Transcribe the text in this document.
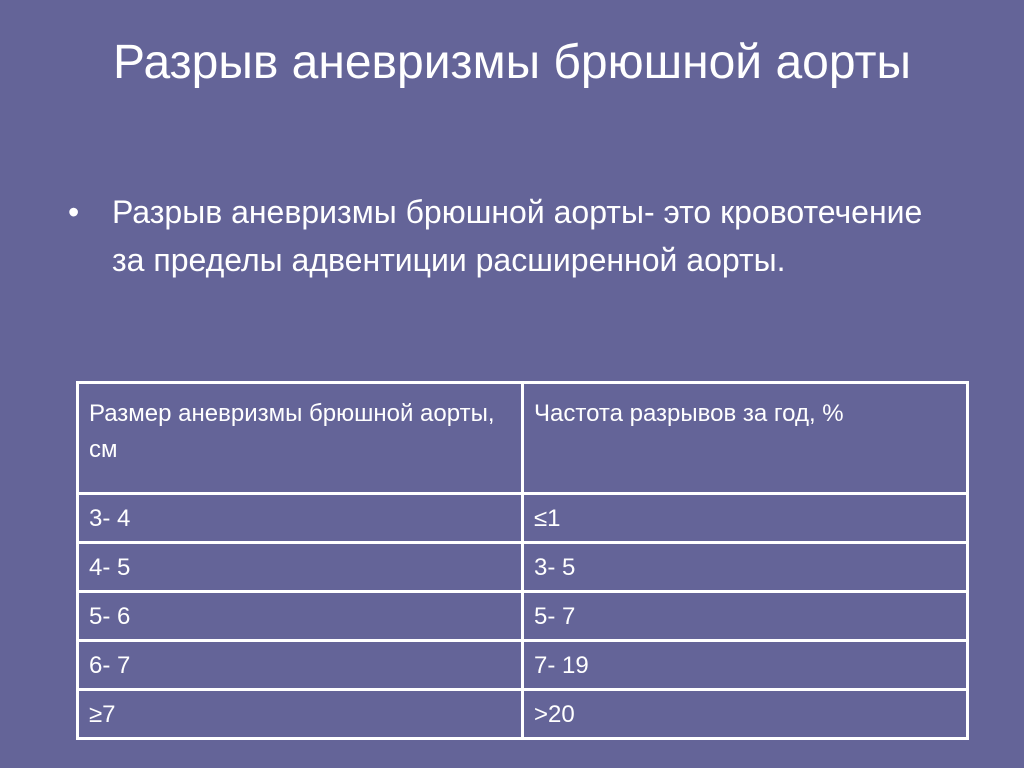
Разрыв аневризмы брюшной аорты
• Разрыв аневризмы брюшной аорты- это кровотечение за пределы адвентиции расширенной аорты.
Размер аневризмы брюшной аорты, см	Частота разрывов за год, %
3- 4	≤1
4- 5	3- 5
5- 6	5- 7
6- 7	7- 19
≥7	>20
